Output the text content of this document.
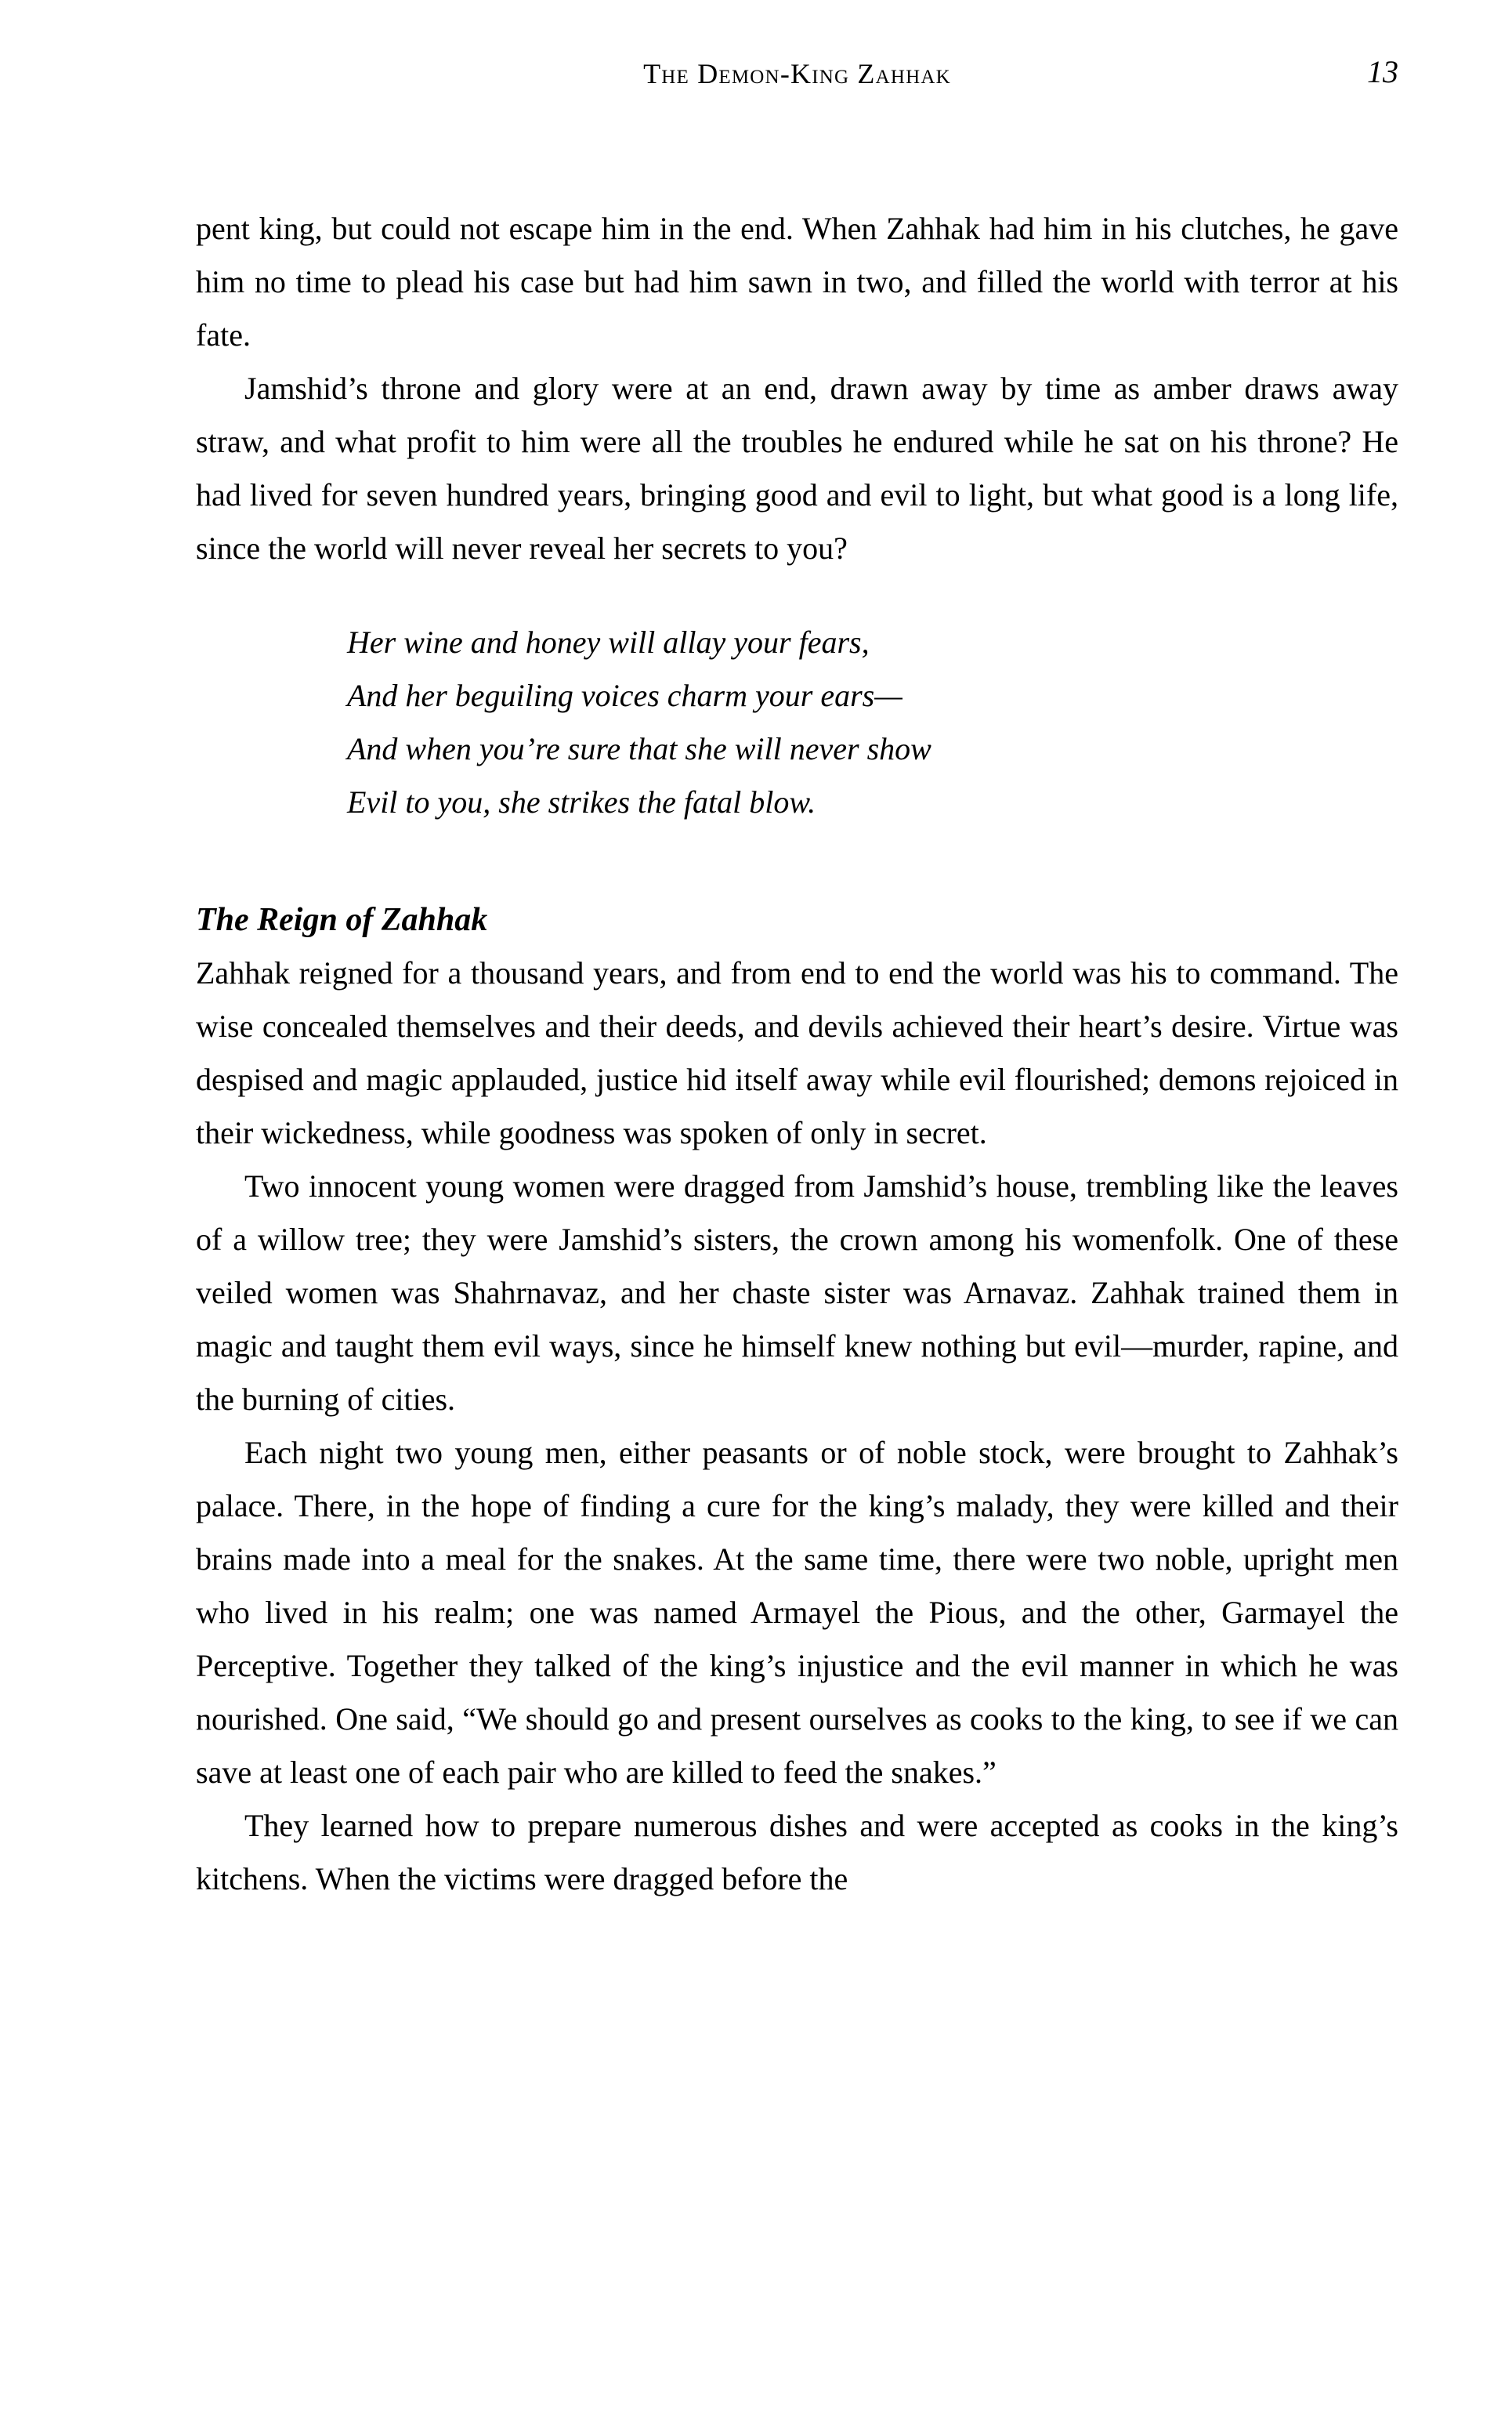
The Demon-King Zahhak	13

pent king, but could not escape him in the end. When Zahhak had him in his clutches, he gave him no time to plead his case but had him sawn in two, and filled the world with terror at his fate.

Jamshid’s throne and glory were at an end, drawn away by time as amber draws away straw, and what profit to him were all the troubles he endured while he sat on his throne? He had lived for seven hundred years, bringing good and evil to light, but what good is a long life, since the world will never reveal her secrets to you?

Her wine and honey will allay your fears,
And her beguiling voices charm your ears—
And when you’re sure that she will never show
Evil to you, she strikes the fatal blow.
The Reign of Zahhak

Zahhak reigned for a thousand years, and from end to end the world was his to command. The wise concealed themselves and their deeds, and devils achieved their heart’s desire. Virtue was despised and magic applauded, justice hid itself away while evil flourished; demons rejoiced in their wickedness, while goodness was spoken of only in secret.

Two innocent young women were dragged from Jamshid’s house, trembling like the leaves of a willow tree; they were Jamshid’s sisters, the crown among his womenfolk. One of these veiled women was Shahrnavaz, and her chaste sister was Arnavaz. Zahhak trained them in magic and taught them evil ways, since he himself knew nothing but evil—murder, rapine, and the burning of cities.

Each night two young men, either peasants or of noble stock, were brought to Zahhak’s palace. There, in the hope of finding a cure for the king’s malady, they were killed and their brains made into a meal for the snakes. At the same time, there were two noble, upright men who lived in his realm; one was named Armayel the Pious, and the other, Garmayel the Perceptive. Together they talked of the king’s injustice and the evil manner in which he was nourished. One said, “We should go and present ourselves as cooks to the king, to see if we can save at least one of each pair who are killed to feed the snakes.”

They learned how to prepare numerous dishes and were accepted as cooks in the king’s kitchens. When the victims were dragged before the
